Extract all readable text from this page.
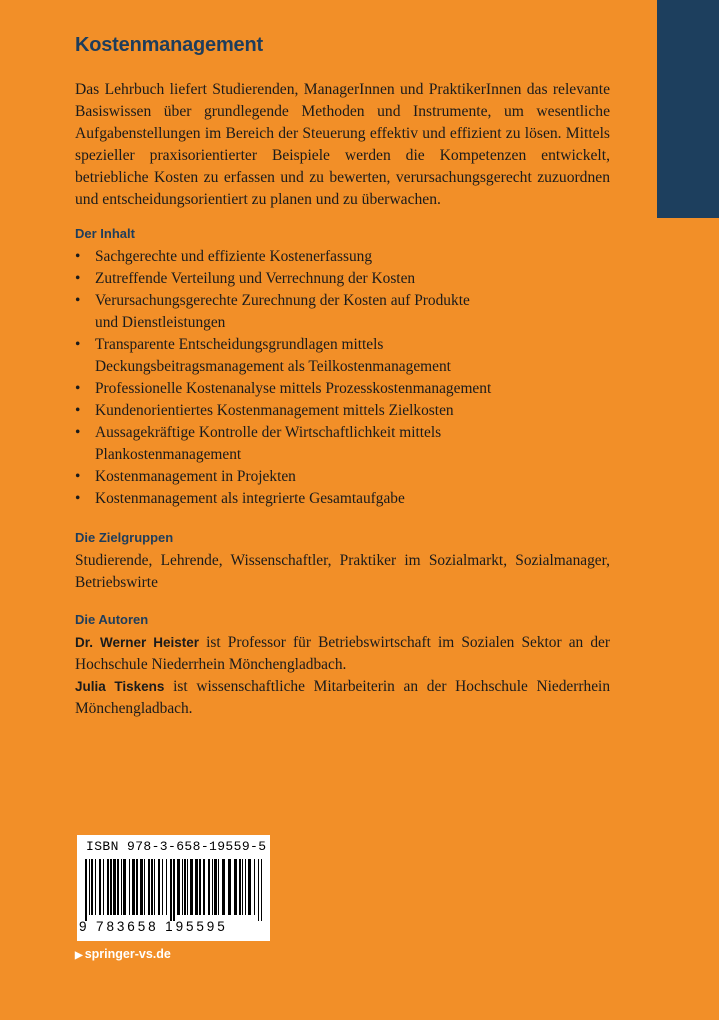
Kostenmanagement

Das Lehrbuch liefert Studierenden, ManagerInnen und PraktikerInnen das relevante Basiswissen über grundlegende Methoden und Instrumente, um wesentliche Aufgabenstellungen im Bereich der Steuerung effektiv und effizient zu lösen. Mittels spezieller praxisorientierter Beispiele werden die Kompetenzen entwickelt, betriebliche Kosten zu erfassen und zu bewerten, verursachungsgerecht zuzuordnen und entscheidungsorientiert zu planen und zu überwachen.

Der Inhalt
• Sachgerechte und effiziente Kostenerfassung
• Zutreffende Verteilung und Verrechnung der Kosten
• Verursachungsgerechte Zurechnung der Kosten auf Produkte und Dienstleistungen
• Transparente Entscheidungsgrundlagen mittels Deckungsbeitragsmanagement als Teilkostenmanagement
• Professionelle Kostenanalyse mittels Prozesskostenmanagement
• Kundenorientiertes Kostenmanagement mittels Zielkosten
• Aussagekräftige Kontrolle der Wirtschaftlichkeit mittels Plankostenmanagement
• Kostenmanagement in Projekten
• Kostenmanagement als integrierte Gesamtaufgabe
Die Zielgruppen

Studierende, Lehrende, Wissenschaftler, Praktiker im Sozialmarkt, Sozialmanager, Betriebswirte

Die Autoren

Dr. Werner Heister ist Professor für Betriebswirtschaft im Sozialen Sektor an der Hochschule Niederrhein Mönchengladbach.

Julia Tiskens ist wissenschaftliche Mitarbeiterin an der Hochschule Niederrhein Mönchengladbach.

ISBN 978-3-658-19559-5
9 783658 195595
▶ springer-vs.de
